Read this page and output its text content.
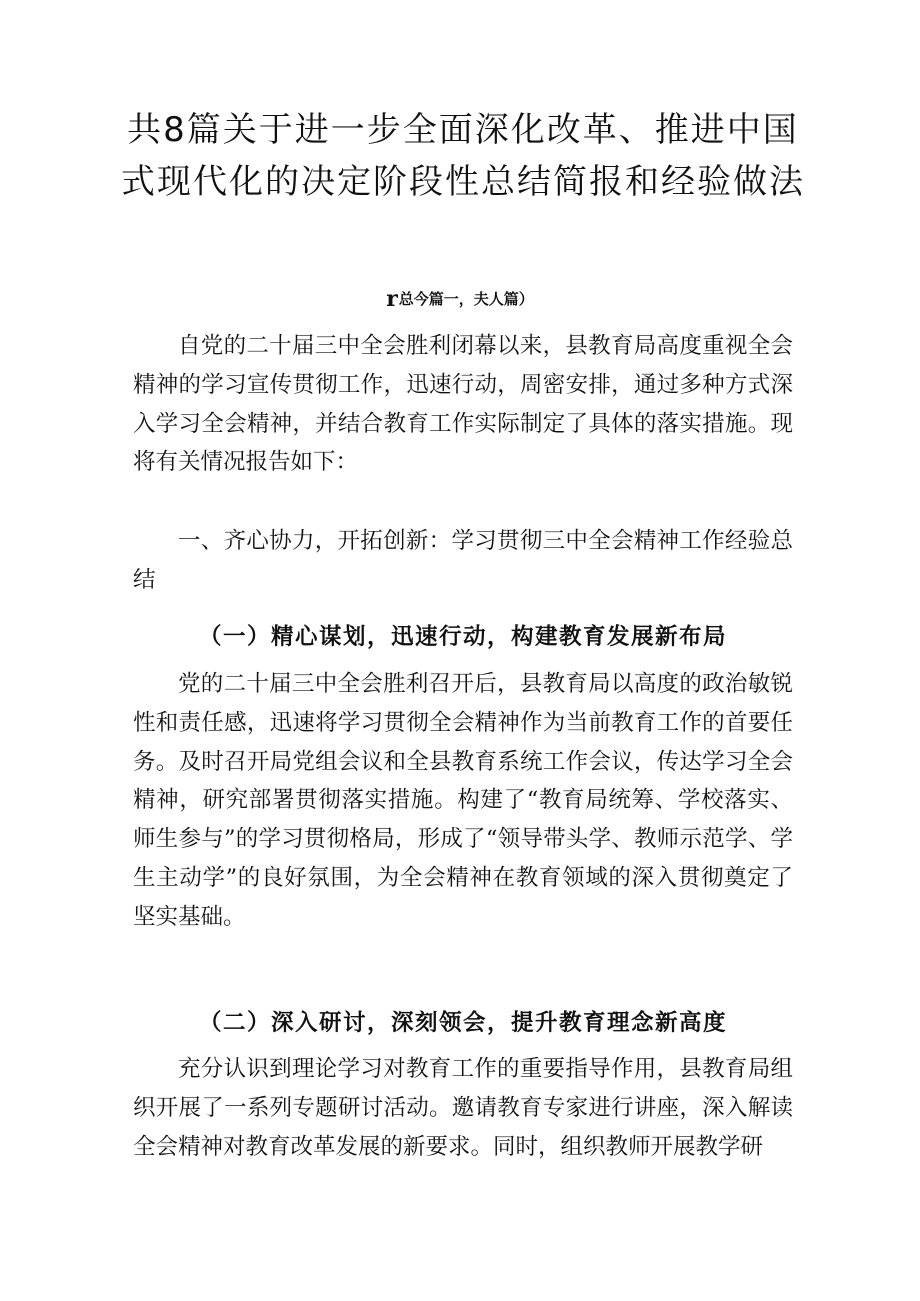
共8篇关于进一步全面深化改革、推进中国式现代化的决定阶段性总结简报和经验做法
r总今篇一，夫人篇）

自党的二十届三中全会胜利闭幕以来，县教育局高度重视全会精神的学习宣传贯彻工作，迅速行动，周密安排，通过多种方式深入学习全会精神，并结合教育工作实际制定了具体的落实措施。现将有关情况报告如下：

一、齐心协力，开拓创新：学习贯彻三中全会精神工作经验总结

（一）精心谋划，迅速行动，构建教育发展新布局

党的二十届三中全会胜利召开后，县教育局以高度的政治敏锐性和责任感，迅速将学习贯彻全会精神作为当前教育工作的首要任务。及时召开局党组会议和全县教育系统工作会议，传达学习全会精神，研究部署贯彻落实措施。构建了“教育局统筹、学校落实、师生参与”的学习贯彻格局，形成了“领导带头学、教师示范学、学生主动学”的良好氛围，为全会精神在教育领域的深入贯彻奠定了坚实基础。

（二）深入研讨，深刻领会，提升教育理念新高度

充分认识到理论学习对教育工作的重要指导作用，县教育局组织开展了一系列专题研讨活动。邀请教育专家进行讲座，深入解读全会精神对教育改革发展的新要求。同时，组织教师开展教学研
